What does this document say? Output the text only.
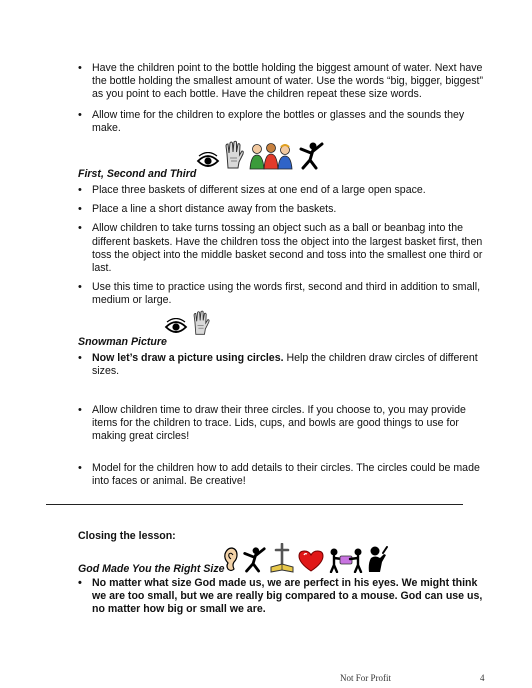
• Have the children point to the bottle holding the biggest amount of water. Next have the bottle holding the smallest amount of water. Use the words “big, bigger, biggest” as you point to each bottle. Have the children repeat these size words.
• Allow time for the children to explore the bottles or glasses and the sounds they make.
First, Second and Third
• Place three baskets of different sizes at one end of a large open space.
• Place a line a short distance away from the baskets.
• Allow children to take turns tossing an object such as a ball or beanbag into the different baskets. Have the children toss the object into the largest basket first, then toss the object into the middle basket second and toss into the smallest one third or last.
• Use this time to practice using the words first, second and third in addition to small, medium or large.
Snowman Picture
• Now let’s draw a picture using circles. Help the children draw circles of different sizes.
• Allow children time to draw their three circles. If you choose to, you may provide items for the children to trace. Lids, cups, and bowls are good things to use for making great circles!
• Model for the children how to add details to their circles. The circles could be made into faces or animal. Be creative!
Closing the lesson:
God Made You the Right Size
• No matter what size God made us, we are perfect in his eyes. We might think we are too small, but we are really big compared to a mouse. God can use us, no matter how big or small we are.
Not For Profit	4
